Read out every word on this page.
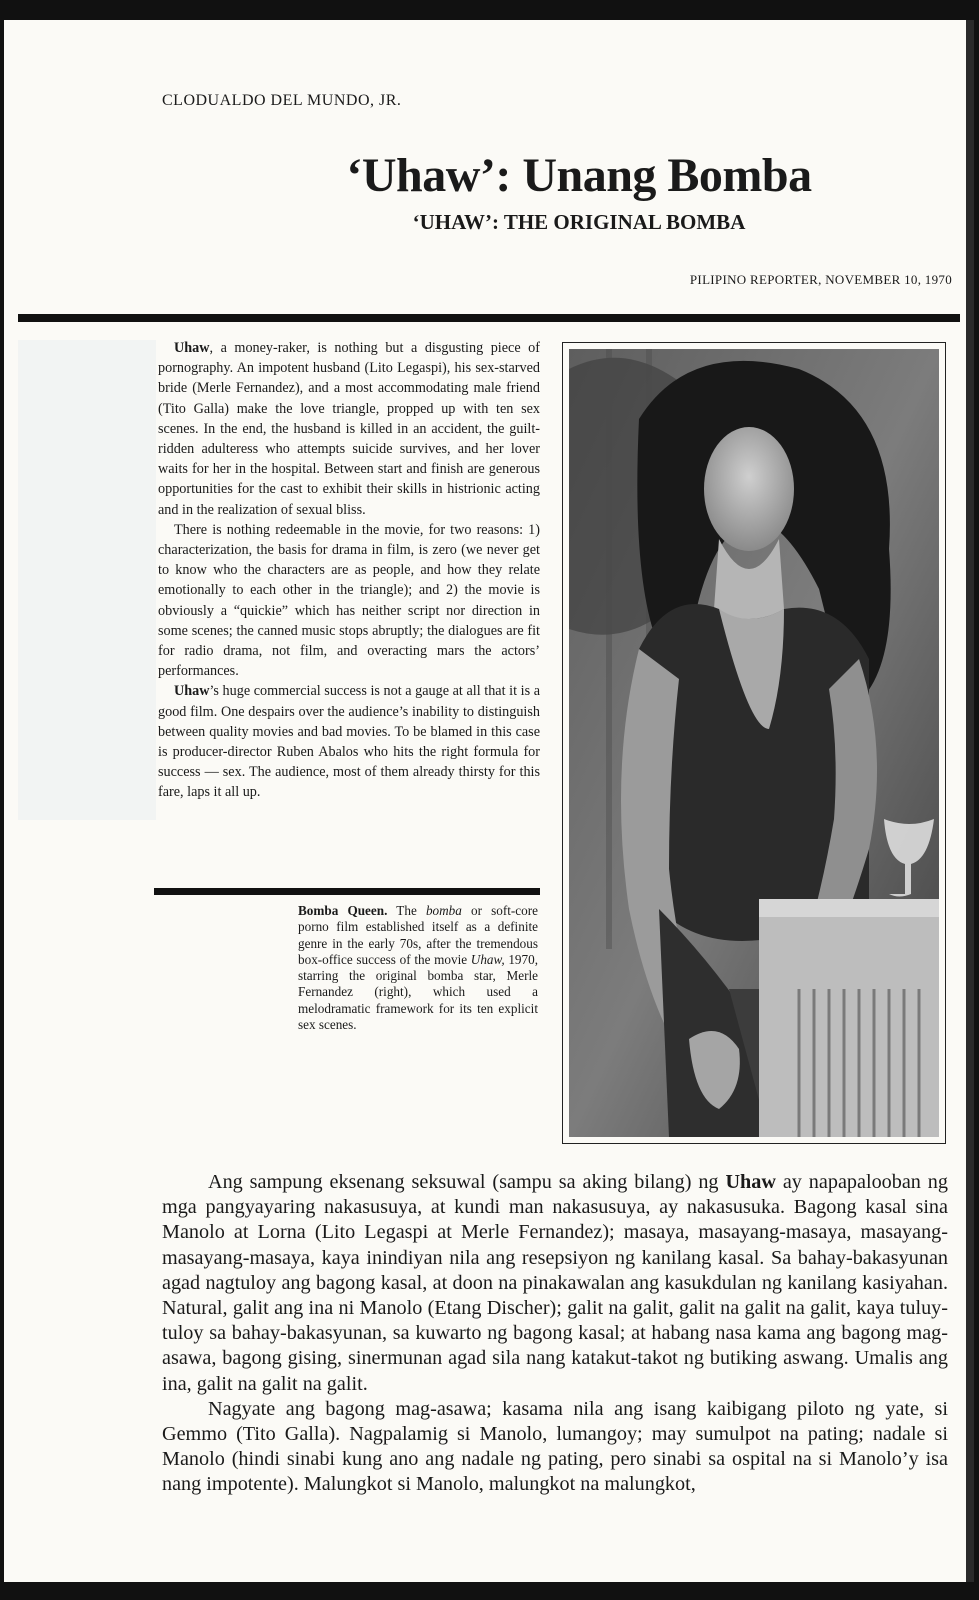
CLODUALDO DEL MUNDO, JR.
‘Uhaw’: Unang Bomba
‘UHAW’: THE ORIGINAL BOMBA
PILIPINO REPORTER, NOVEMBER 10, 1970

Uhaw, a money-raker, is nothing but a disgusting piece of pornography. An impotent husband (Lito Legaspi), his sex-starved bride (Merle Fernandez), and a most accommodating male friend (Tito Galla) make the love triangle, propped up with ten sex scenes. In the end, the husband is killed in an accident, the guilt-ridden adulteress who attempts suicide survives, and her lover waits for her in the hospital. Between start and finish are generous opportunities for the cast to exhibit their skills in histrionic acting and in the realization of sexual bliss.

There is nothing redeemable in the movie, for two reasons: 1) characterization, the basis for drama in film, is zero (we never get to know who the characters are as people, and how they relate emotionally to each other in the triangle); and 2) the movie is obviously a “quickie” which has neither script nor direction in some scenes; the canned music stops abruptly; the dialogues are fit for radio drama, not film, and overacting mars the actors’ performances.

Uhaw’s huge commercial success is not a gauge at all that it is a good film. One despairs over the audience’s inability to distinguish between quality movies and bad movies. To be blamed in this case is producer-director Ruben Abalos who hits the right formula for success — sex. The audience, most of them already thirsty for this fare, laps it all up.

Bomba Queen. The bomba or soft-core porno film established itself as a definite genre in the early 70s, after the tremendous box-office success of the movie Uhaw, 1970, starring the original bomba star, Merle Fernandez (right), which used a melodramatic framework for its ten explicit sex scenes.

Ang sampung eksenang seksuwal (sampu sa aking bilang) ng Uhaw ay napapalooban ng mga pangyayaring nakasusuya, at kundi man nakasusuya, ay nakasusuka. Bagong kasal sina Manolo at Lorna (Lito Legaspi at Merle Fernandez); masaya, masayang-masaya, masayang-masayang-masaya, kaya inindiyan nila ang resepsiyon ng kanilang kasal. Sa bahay-bakasyunan agad nagtuloy ang bagong kasal, at doon na pinakawalan ang kasukdulan ng kanilang kasiyahan. Natural, galit ang ina ni Manolo (Etang Discher); galit na galit, galit na galit na galit, kaya tuluy-tuloy sa bahay-bakasyunan, sa kuwarto ng bagong kasal; at habang nasa kama ang bagong mag-asawa, bagong gising, sinermunan agad sila nang katakut-takot ng butiking aswang. Umalis ang ina, galit na galit na galit.

Nagyate ang bagong mag-asawa; kasama nila ang isang kaibigang piloto ng yate, si Gemmo (Tito Galla). Nagpalamig si Manolo, lumangoy; may sumulpot na pating; nadale si Manolo (hindi sinabi kung ano ang nadale ng pating, pero sinabi sa ospital na si Manolo’y isa nang impotente). Malungkot si Manolo, malungkot na malungkot,
